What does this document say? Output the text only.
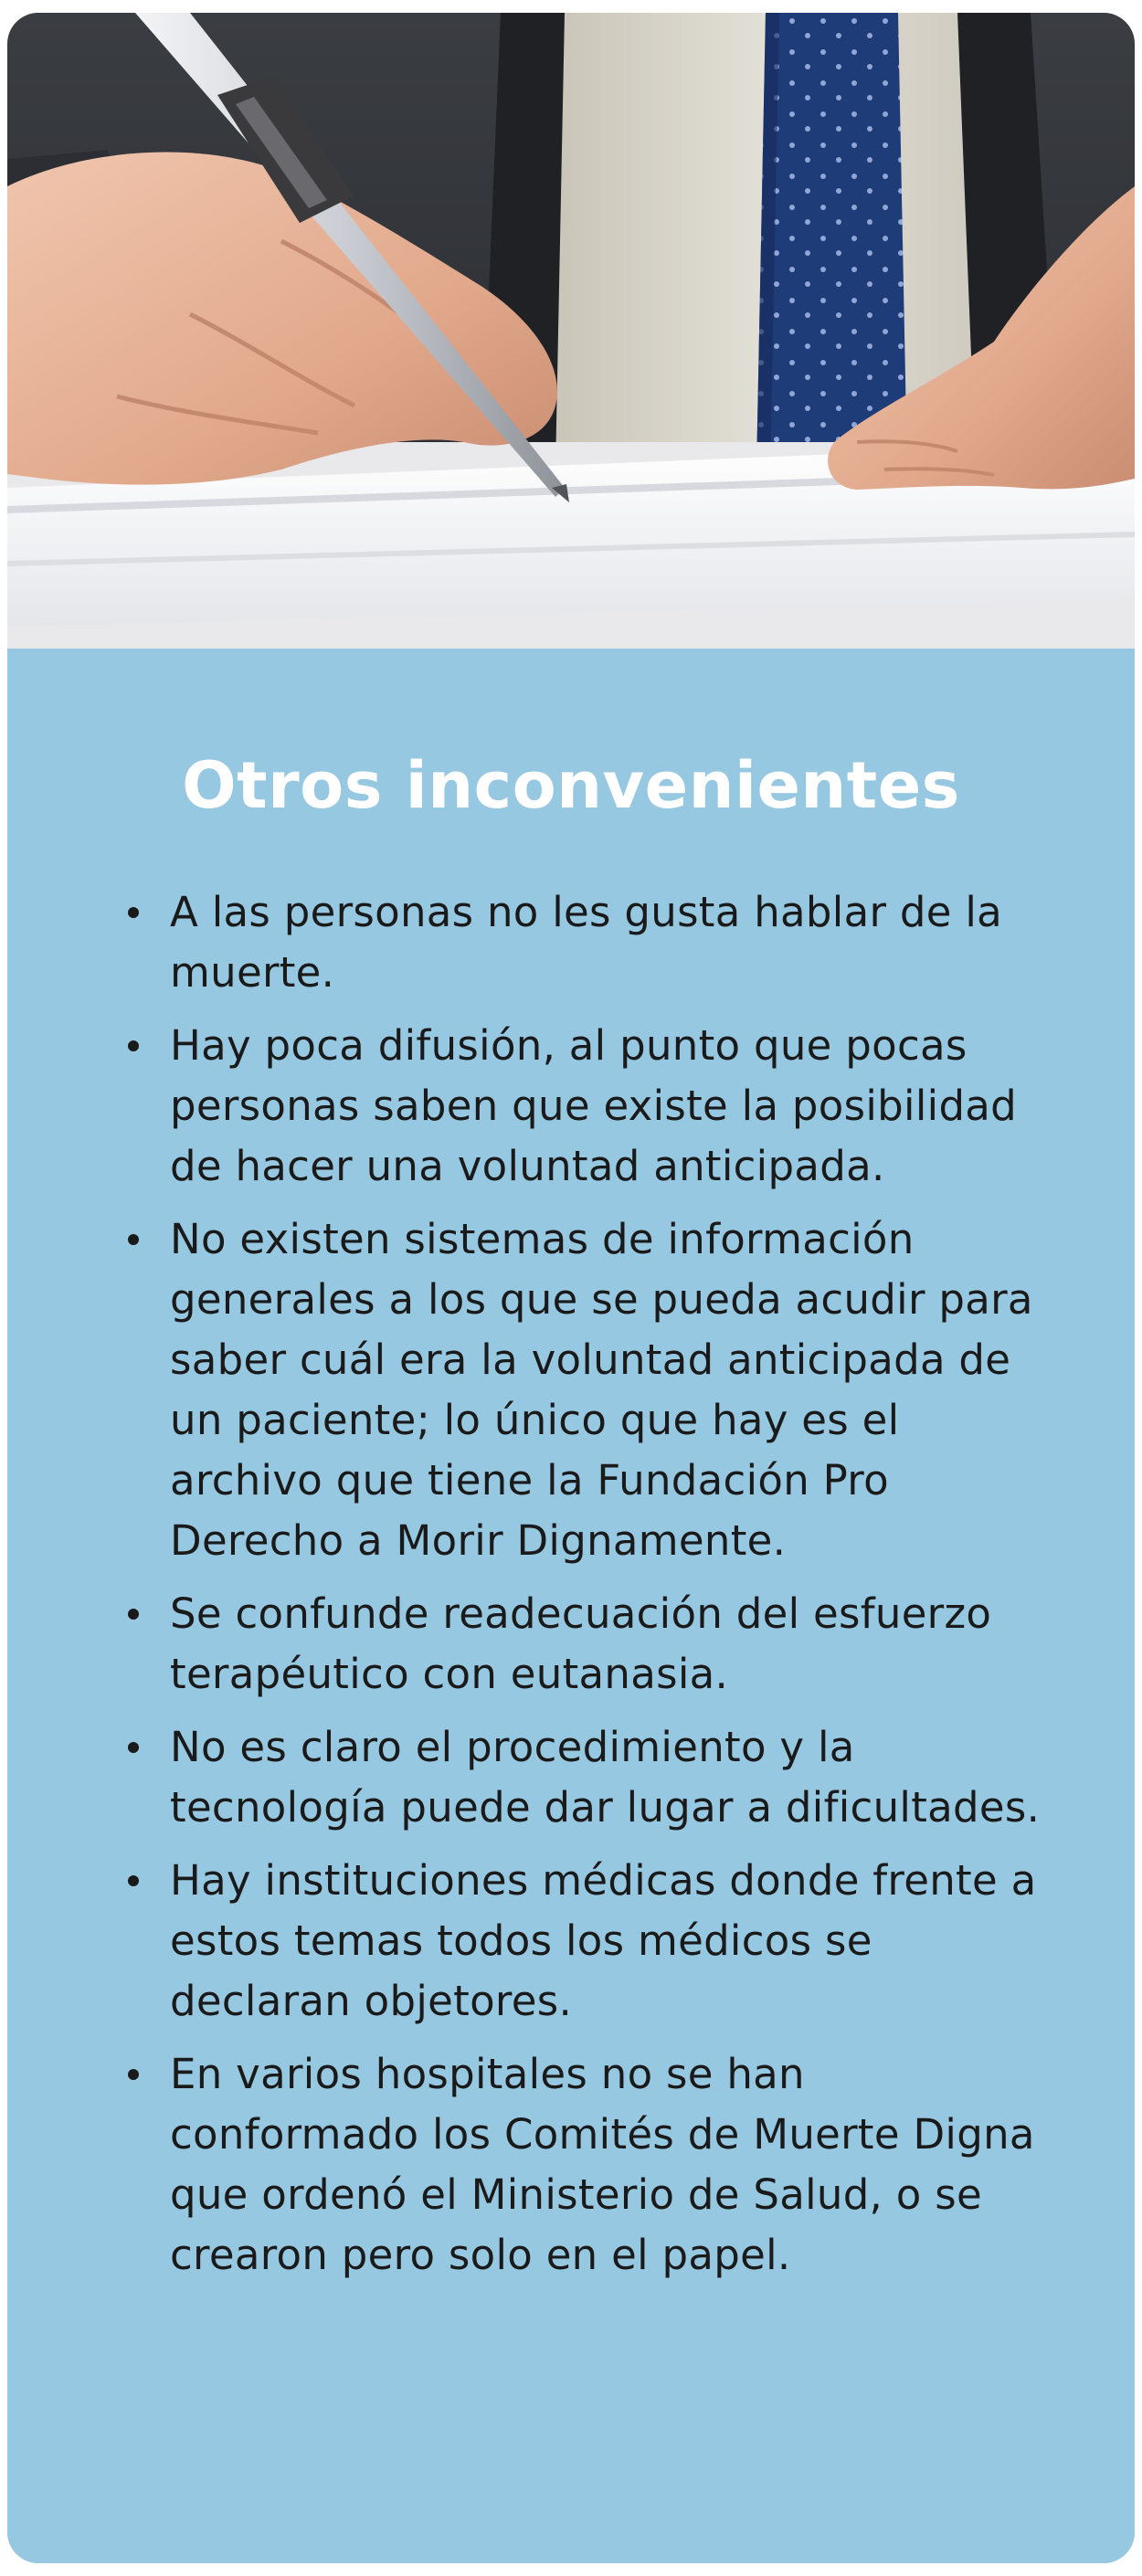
Otros inconvenientes
A las personas no les gusta hablar de la muerte.
Hay poca difusión, al punto que pocas personas saben que existe la posibilidad de hacer una voluntad anticipada.
No existen sistemas de información generales a los que se pueda acudir para saber cuál era la voluntad anticipada de un paciente; lo único que hay es el archivo que tiene la Fundación Pro Derecho a Morir Dignamente.
Se confunde readecuación del esfuerzo terapéutico con eutanasia.
No es claro el procedimiento y la tecnología puede dar lugar a dificultades.
Hay instituciones médicas donde frente a estos temas todos los médicos se declaran objetores.
En varios hospitales no se han conformado los Comités de Muerte Digna que ordenó el Ministerio de Salud, o se crearon pero solo en el papel.
